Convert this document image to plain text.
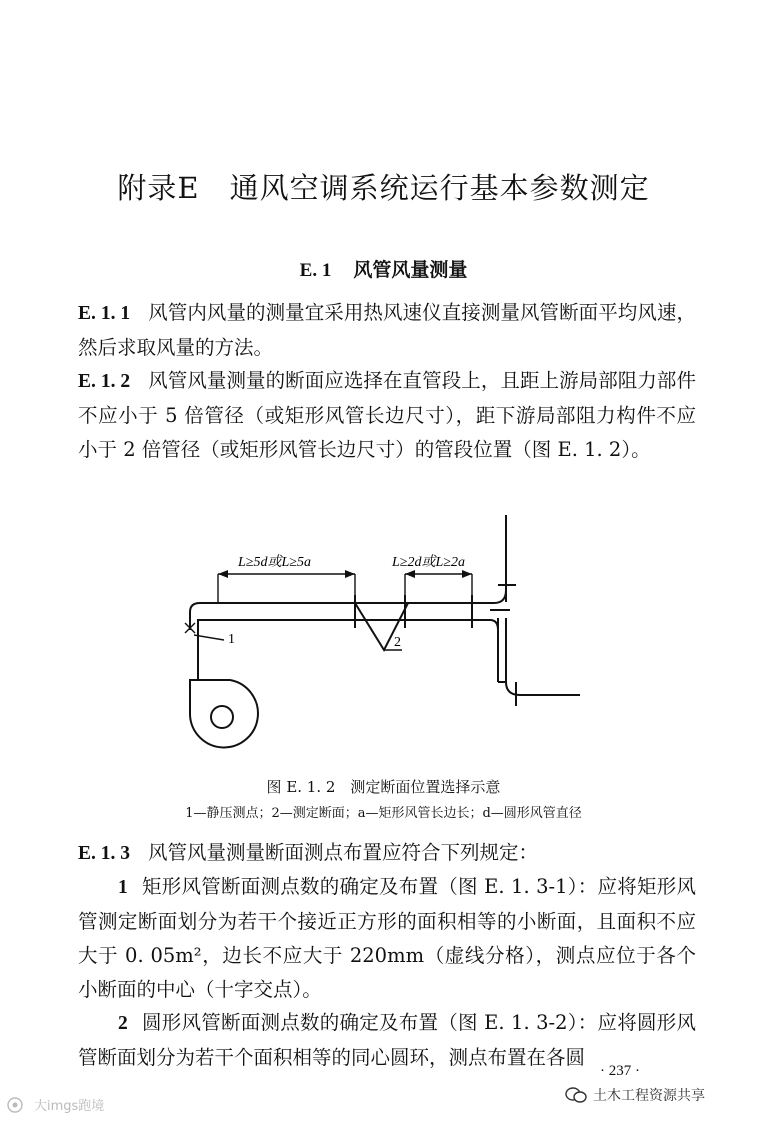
附录E　通风空调系统运行基本参数测定
E. 1 风管风量测量
E. 1. 1 风管内风量的测量宜采用热风速仪直接测量风管断面平均风速，然后求取风量的方法。
E. 1. 2 风管风量测量的断面应选择在直管段上，且距上游局部阻力部件不应小于 5 倍管径（或矩形风管长边尺寸），距下游局部阻力构件不应小于 2 倍管径（或矩形风管长边尺寸）的管段位置（图 E. 1. 2）。
L≥5d或L≥5a	L≥2d或L≥2a
1	2
图 E. 1. 2　测定断面位置选择示意
1—静压测点；2—测定断面；a—矩形风管长边长；d—圆形风管直径
E. 1. 3 风管风量测量断面测点布置应符合下列规定：
1 矩形风管断面测点数的确定及布置（图 E. 1. 3-1）：应将矩形风管测定断面划分为若干个接近正方形的面积相等的小断面，且面积不应大于 0. 05m²，边长不应大于 220mm（虚线分格），测点应位于各个小断面的中心（十字交点）。
2 圆形风管断面测点数的确定及布置（图 E. 1. 3-2）：应将圆形风管断面划分为若干个面积相等的同心圆环，测点布置在各圆
· 237 ·
土木工程资源共享
大imgs跑境
